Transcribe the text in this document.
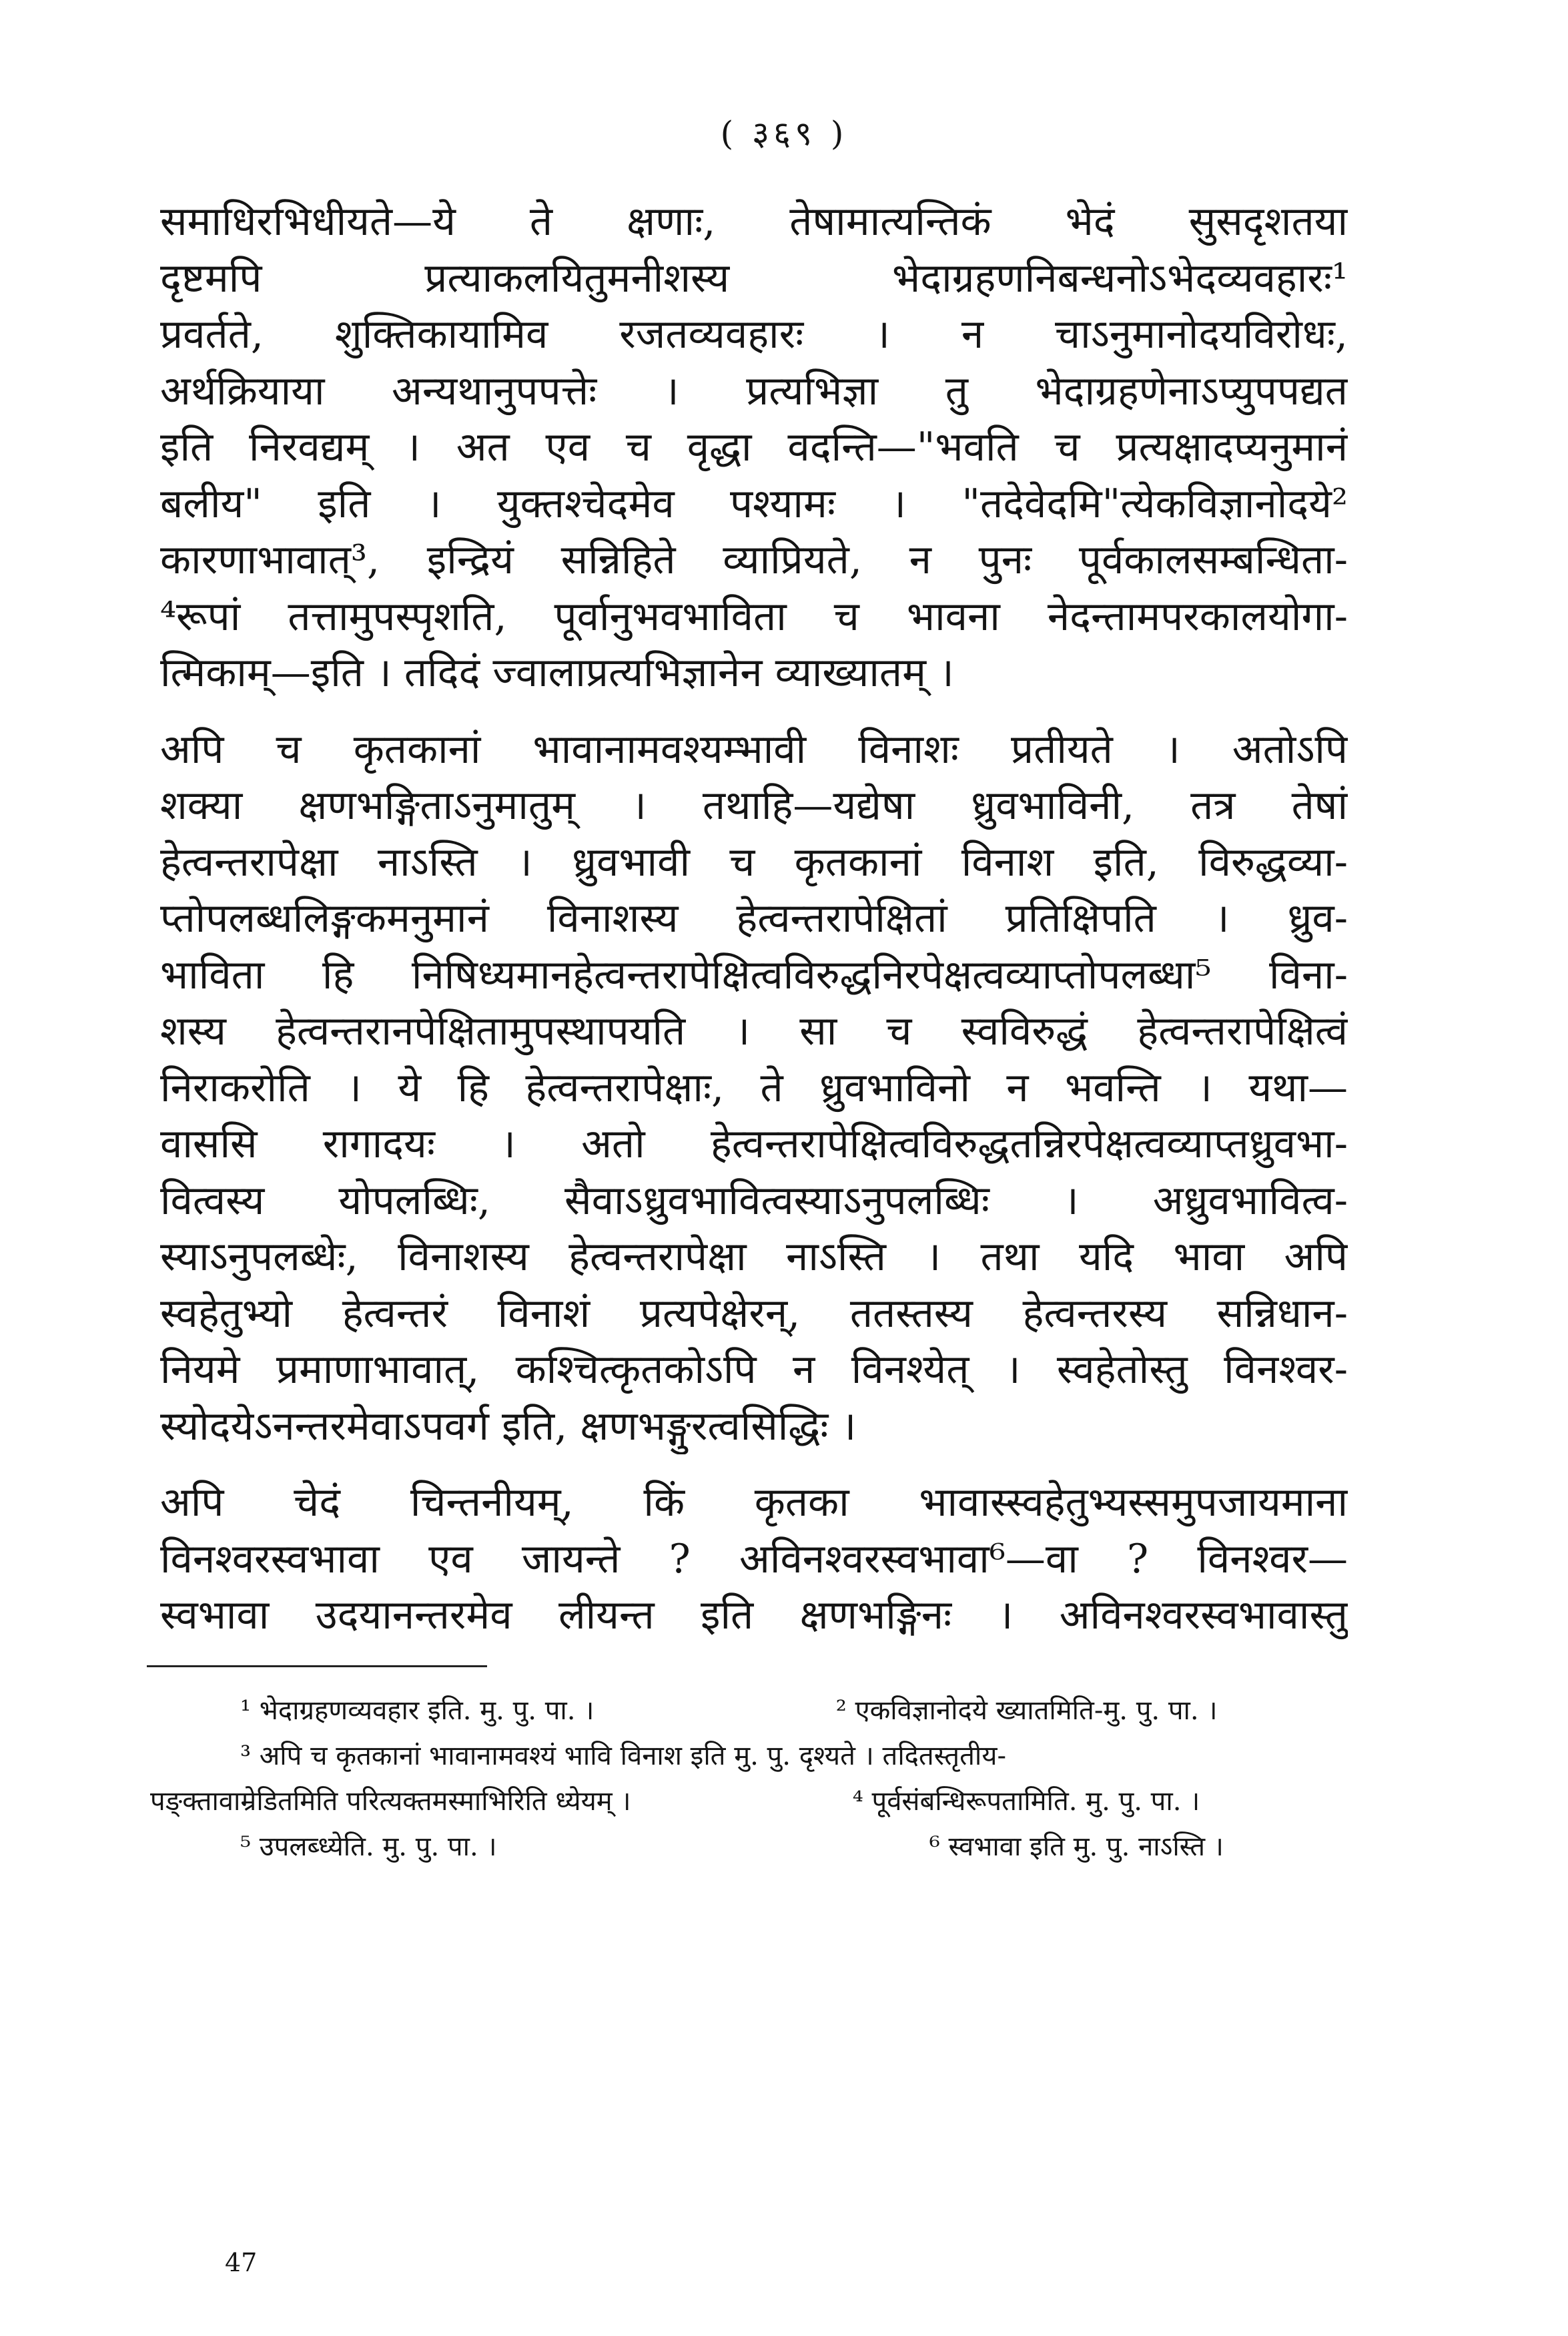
( ३६९ )
समाधिरभिधीयते—ये ते क्षणाः, तेषामात्यन्तिकं भेदं सुसदृशतया
दृष्टमपि प्रत्याकलयितुमनीशस्य भेदाग्रहणनिबन्धनोऽभेदव्यवहारः¹
प्रवर्तते, शुक्तिकायामिव रजतव्यवहारः । न चाऽनुमानोदयविरोधः,
अर्थक्रियाया अन्यथानुपपत्तेः । प्रत्यभिज्ञा तु भेदाग्रहणेनाऽप्युपपद्यत
इति निरवद्यम् । अत एव च वृद्धा वदन्ति—"भवति च प्रत्यक्षादप्यनुमानं
बलीय" इति । युक्तश्चेदमेव पश्यामः । "तदेवेदमि"त्येकविज्ञानोदये²
कारणाभावात्³, इन्द्रियं सन्निहिते व्याप्रियते, न पुनः पूर्वकालसम्बन्धिता-
⁴रूपां तत्तामुपस्पृशति, पूर्वानुभवभाविता च भावना नेदन्तामपरकालयोगा-
त्मिकाम्—इति । तदिदं ज्वालाप्रत्यभिज्ञानेन व्याख्यातम् ।
अपि च कृतकानां भावानामवश्यम्भावी विनाशः प्रतीयते । अतोऽपि
शक्या क्षणभङ्गिताऽनुमातुम् । तथाहि—यद्येषा ध्रुवभाविनी, तत्र तेषां
हेत्वन्तरापेक्षा नाऽस्ति । ध्रुवभावी च कृतकानां विनाश इति, विरुद्धव्या-
प्तोपलब्धलिङ्गकमनुमानं विनाशस्य हेत्वन्तरापेक्षितां प्रतिक्षिपति । ध्रुव-
भाविता हि निषिध्यमानहेत्वन्तरापेक्षित्वविरुद्धनिरपेक्षत्वव्याप्तोपलब्धा⁵ विना-
शस्य हेत्वन्तरानपेक्षितामुपस्थापयति । सा च स्वविरुद्धं हेत्वन्तरापेक्षित्वं
निराकरोति । ये हि हेत्वन्तरापेक्षाः, ते ध्रुवभाविनो न भवन्ति । यथा—
वाससि रागादयः । अतो हेत्वन्तरापेक्षित्वविरुद्धतन्निरपेक्षत्वव्याप्तध्रुवभा-
वित्वस्य योपलब्धिः, सैवाऽध्रुवभावित्वस्याऽनुपलब्धिः । अध्रुवभावित्व-
स्याऽनुपलब्धेः, विनाशस्य हेत्वन्तरापेक्षा नाऽस्ति । तथा यदि भावा अपि
स्वहेतुभ्यो हेत्वन्तरं विनाशं प्रत्यपेक्षेरन्, ततस्तस्य हेत्वन्तरस्य सन्निधान-
नियमे प्रमाणाभावात्, कश्चित्कृतकोऽपि न विनश्येत् । स्वहेतोस्तु विनश्वर-
स्योदयेऽनन्तरमेवाऽपवर्ग इति, क्षणभङ्गुरत्वसिद्धिः ।
अपि चेदं चिन्तनीयम्, किं कृतका भावास्स्वहेतुभ्यस्समुपजायमाना
विनश्वरस्वभावा एव जायन्ते ? अविनश्वरस्वभावा⁶—वा ? विनश्वर—
स्वभावा उदयानन्तरमेव लीयन्त इति क्षणभङ्गिनः । अविनश्वरस्वभावास्तु
¹ भेदाग्रहणव्यवहार इति. मु. पु. पा. ।	² एकविज्ञानोदये ख्यातमिति-मु. पु. पा. ।
³ अपि च कृतकानां भावानामवश्यं भावि विनाश इति मु. पु. दृश्यते । तदितस्तृतीय-
पङ्क्तावाम्रेडितमिति परित्यक्तमस्माभिरिति ध्येयम् ।	⁴ पूर्वसंबन्धिरूपतामिति. मु. पु. पा. ।
⁵ उपलब्ध्येति. मु. पु. पा. ।	⁶ स्वभावा इति मु. पु. नाऽस्ति ।
47
